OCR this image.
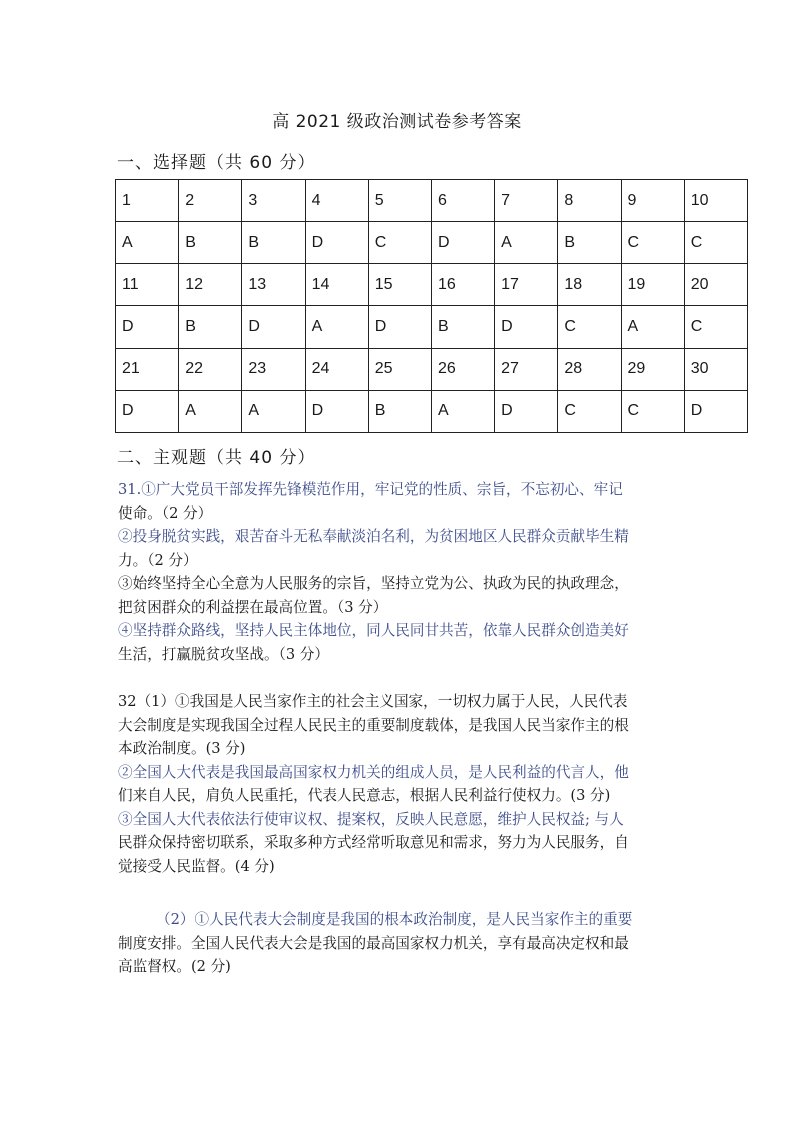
高 2021 级政治测试卷参考答案
一、选择题（共 60 分）
1	2	3	4	5	6	7	8	9	10
A	B	B	D	C	D	A	B	C	C
11	12	13	14	15	16	17	18	19	20
D	B	D	A	D	B	D	C	A	C
21	22	23	24	25	26	27	28	29	30
D	A	A	D	B	A	D	C	C	D
二、主观题（共 40 分）
31.①广大党员干部发挥先锋模范作用，牢记党的性质、宗旨，不忘初心、牢记
使命。（2 分）
②投身脱贫实践，艰苦奋斗无私奉献淡泊名利，为贫困地区人民群众贡献毕生精
力。（2 分）
③始终坚持全心全意为人民服务的宗旨，坚持立党为公、执政为民的执政理念，
把贫困群众的利益摆在最高位置。（3 分）
④坚持群众路线，坚持人民主体地位，同人民同甘共苦，依靠人民群众创造美好
生活，打赢脱贫攻坚战。（3 分）
32（1）①我国是人民当家作主的社会主义国家，一切权力属于人民，人民代表
大会制度是实现我国全过程人民民主的重要制度载体，是我国人民当家作主的根
本政治制度。(3 分)
②全国人大代表是我国最高国家权力机关的组成人员，是人民利益的代言人，他
们来自人民，肩负人民重托，代表人民意志，根据人民利益行使权力。(3 分)
③全国人大代表依法行使审议权、提案权，反映人民意愿，维护人民权益; 与人
民群众保持密切联系，采取多种方式经常听取意见和需求，努力为人民服务，自
觉接受人民监督。(4 分)
（2）①人民代表大会制度是我国的根本政治制度，是人民当家作主的重要
制度安排。全国人民代表大会是我国的最高国家权力机关，享有最高决定权和最
高监督权。(2 分)
